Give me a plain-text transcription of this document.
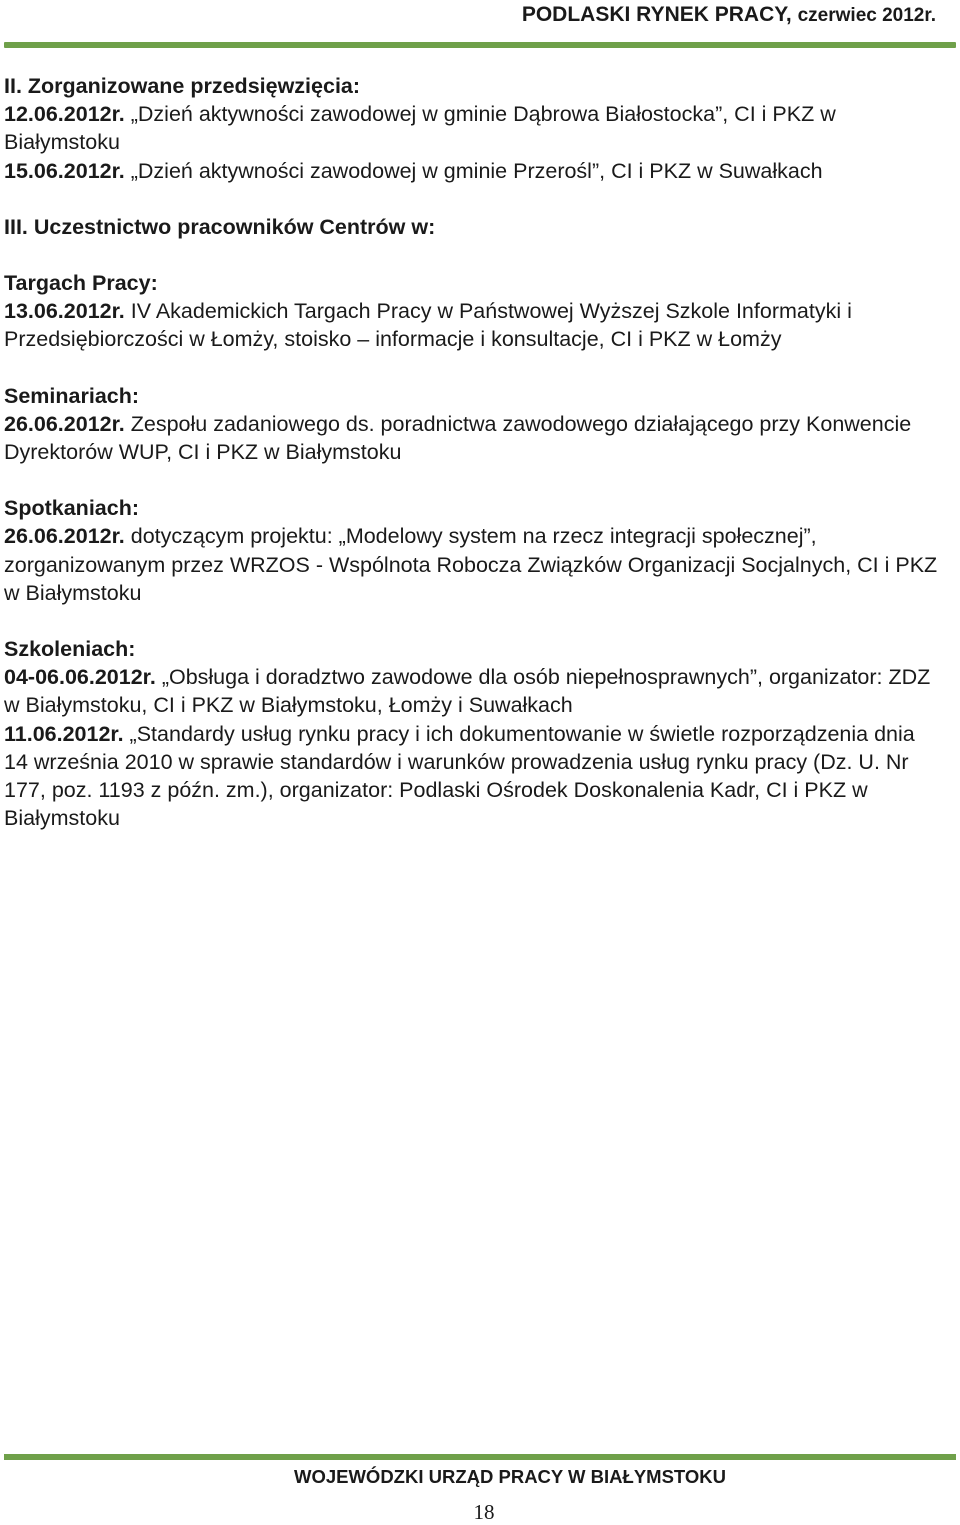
PODLASKI RYNEK PRACY, czerwiec 2012r.

II. Zorganizowane przedsięwzięcia:

12.06.2012r. „Dzień aktywności zawodowej w gminie Dąbrowa Białostocka”, CI i PKZ w Białymstoku

15.06.2012r. „Dzień aktywności zawodowej w gminie Przerośl”, CI i PKZ w Suwałkach

III. Uczestnictwo pracowników Centrów w:

Targach Pracy:

13.06.2012r. IV Akademickich Targach Pracy w Państwowej Wyższej Szkole Informatyki i Przedsiębiorczości w Łomży, stoisko – informacje i konsultacje, CI i PKZ w Łomży

Seminariach:

26.06.2012r. Zespołu zadaniowego ds. poradnictwa zawodowego działającego przy Konwencie Dyrektorów WUP, CI i PKZ w Białymstoku

Spotkaniach:

26.06.2012r. dotyczącym projektu: „Modelowy system na rzecz integracji społecznej”, zorganizowanym przez WRZOS - Wspólnota Robocza Związków Organizacji Socjalnych, CI i PKZ w Białymstoku

Szkoleniach:

04-06.06.2012r. „Obsługa i doradztwo zawodowe dla osób niepełnosprawnych”, organizator: ZDZ w Białymstoku, CI i PKZ w Białymstoku, Łomży i Suwałkach

11.06.2012r. „Standardy usług rynku pracy i ich dokumentowanie w świetle rozporządzenia dnia 14 września 2010 w sprawie standardów i warunków prowadzenia usług rynku pracy (Dz. U. Nr 177, poz. 1193 z późn. zm.), organizator: Podlaski Ośrodek Doskonalenia Kadr, CI i PKZ w Białymstoku

WOJEWÓDZKI URZĄD PRACY W BIAŁYMSTOKU
18
